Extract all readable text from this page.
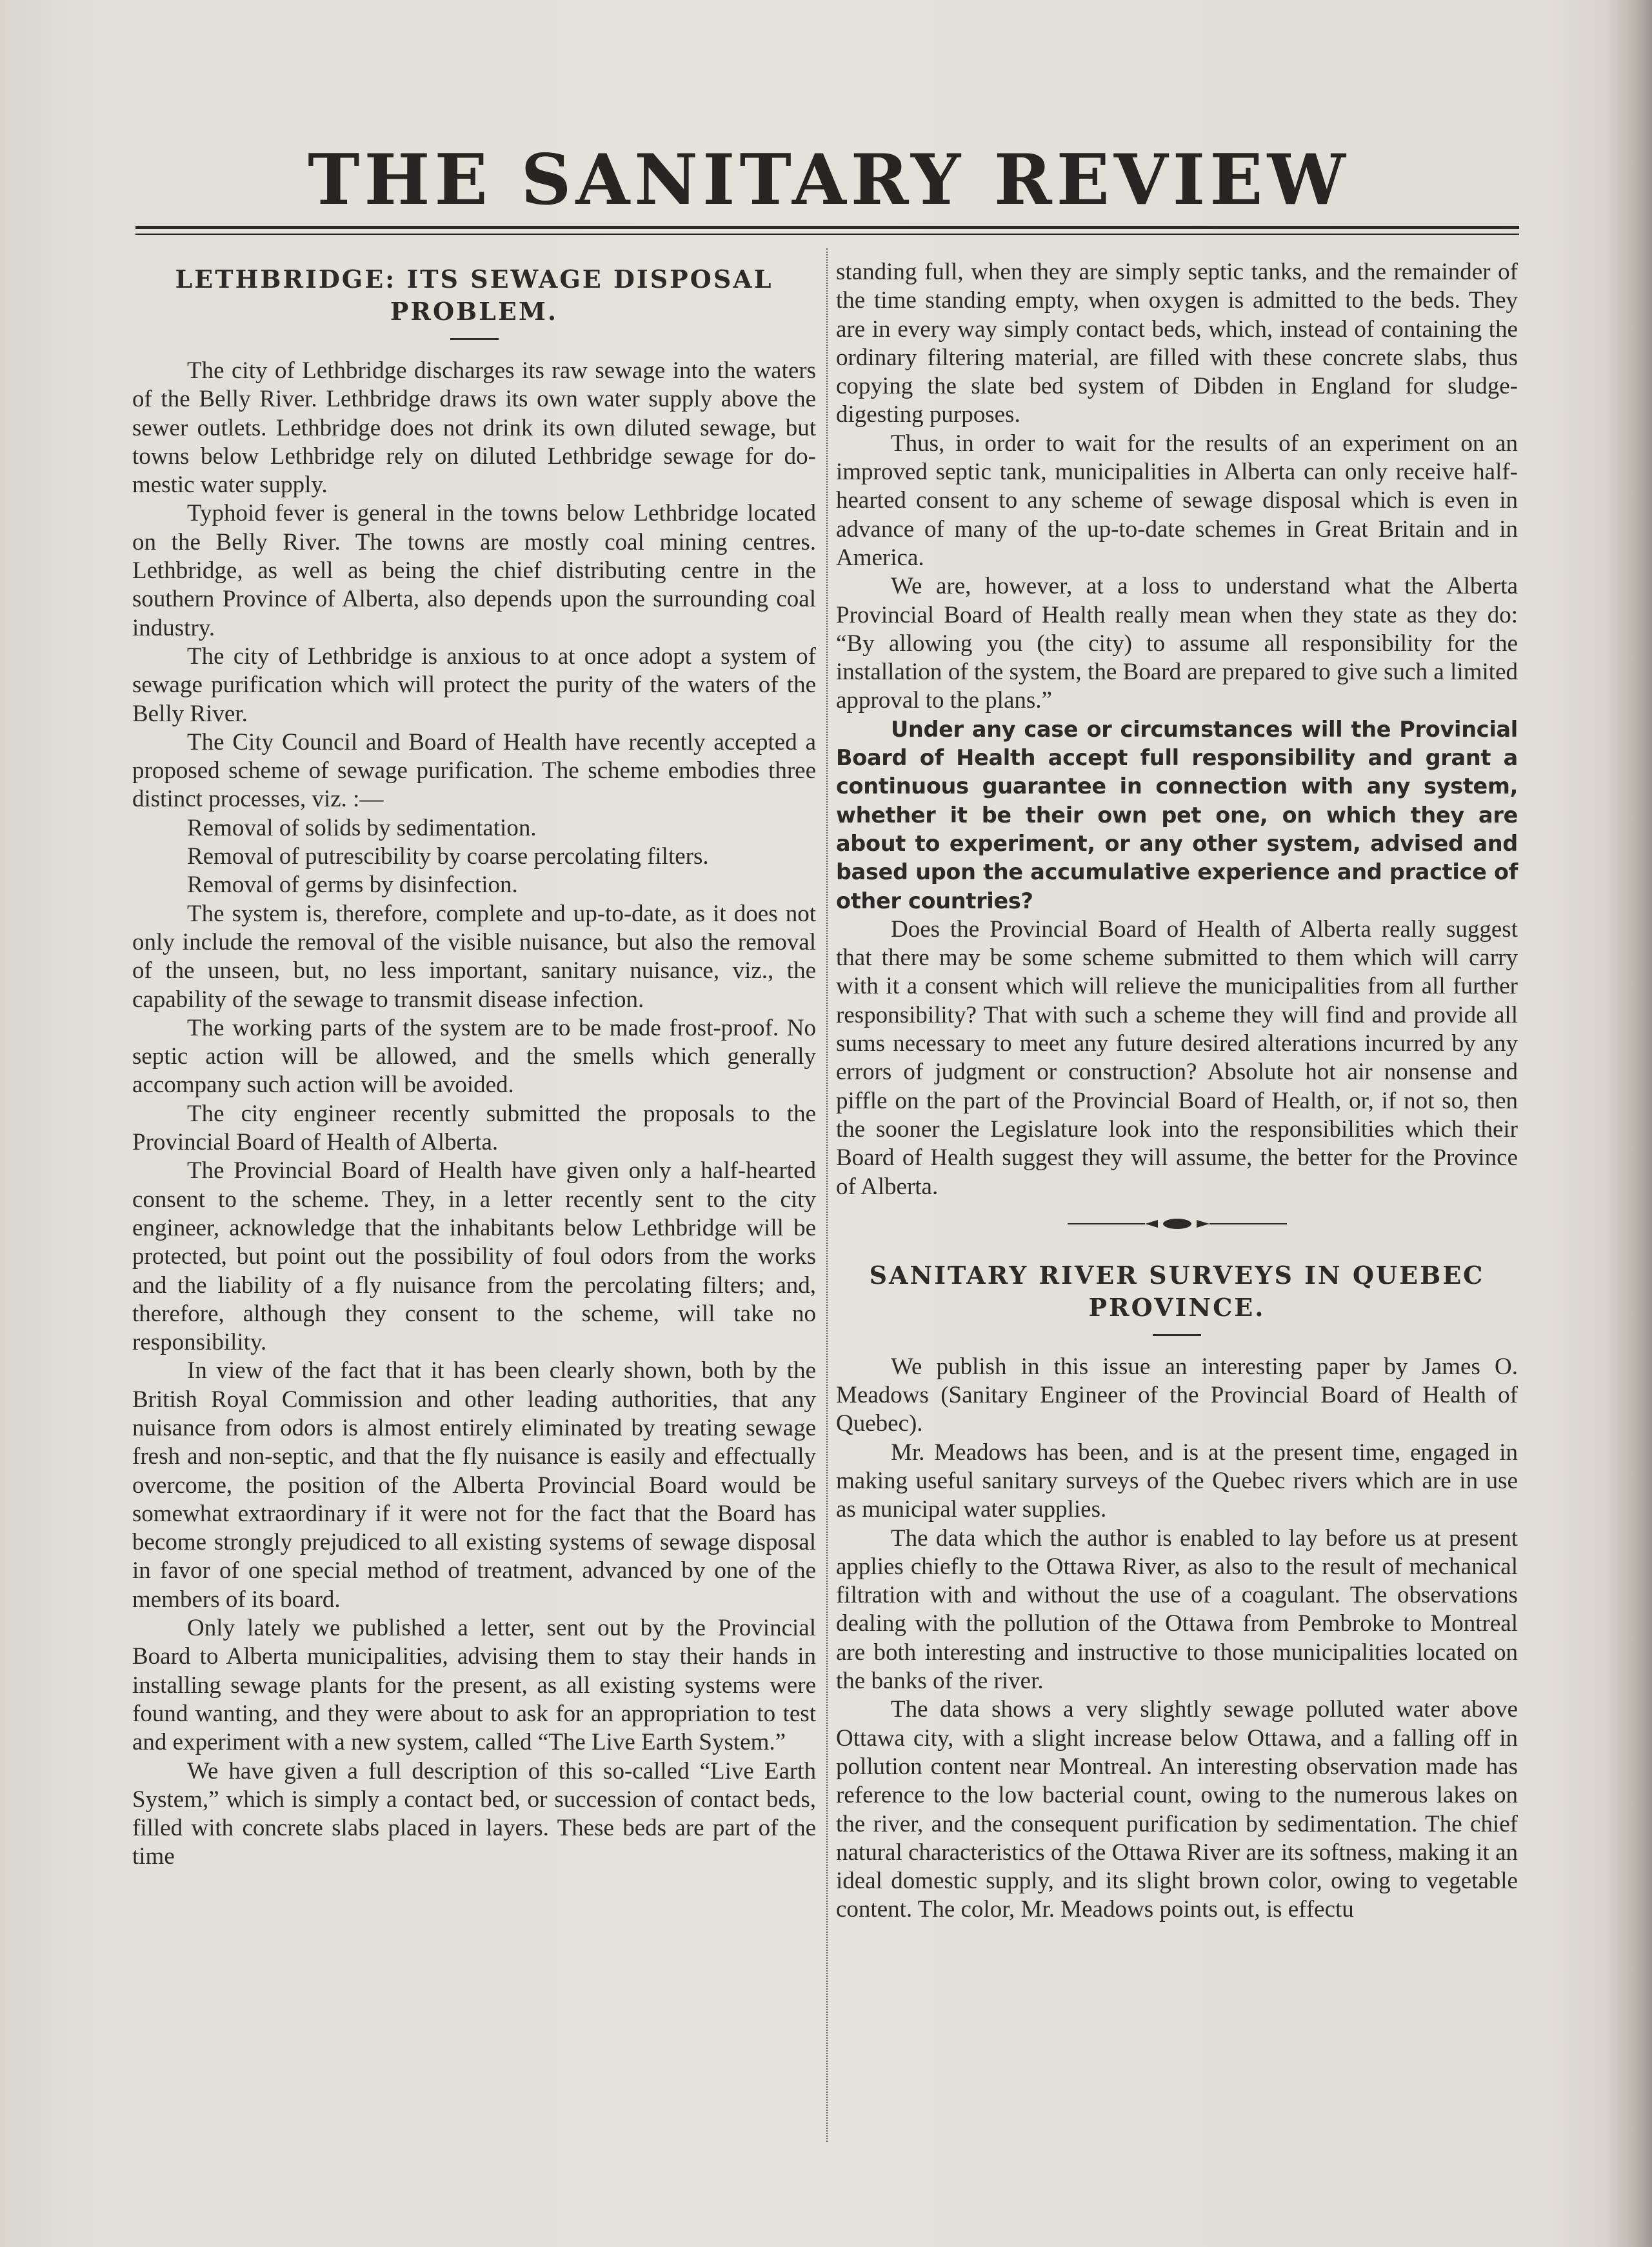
THE SANITARY REVIEW
LETHBRIDGE: ITS SEWAGE DISPOSAL PROBLEM.

The city of Lethbridge discharges its raw sewage into the waters of the Belly River. Lethbridge draws its own water supply above the sewer outlets. Lethbridge does not drink its own diluted sewage, but towns below Lethbridge rely on diluted Lethbridge sewage for domestic water supply.

Typhoid fever is general in the towns below Lethbridge located on the Belly River. The towns are mostly coal mining centres. Lethbridge, as well as being the chief distributing centre in the southern Province of Alberta, also depends upon the surrounding coal industry.

The city of Lethbridge is anxious to at once adopt a system of sewage purification which will protect the purity of the waters of the Belly River.

The City Council and Board of Health have recently accepted a proposed scheme of sewage purification. The scheme embodies three distinct processes, viz. :—

Removal of solids by sedimentation.

Removal of putrescibility by coarse percolating filters.

Removal of germs by disinfection.

The system is, therefore, complete and up-to-date, as it does not only include the removal of the visible nuisance, but also the removal of the unseen, but, no less important, sanitary nuisance, viz., the capability of the sewage to transmit disease infection.

The working parts of the system are to be made frost-proof. No septic action will be allowed, and the smells which generally accompany such action will be avoided.

The city engineer recently submitted the proposals to the Provincial Board of Health of Alberta.

The Provincial Board of Health have given only a half-hearted consent to the scheme. They, in a letter recently sent to the city engineer, acknowledge that the inhabitants below Lethbridge will be protected, but point out the possibility of foul odors from the works and the liability of a fly nuisance from the percolating filters; and, therefore, although they consent to the scheme, will take no responsibility.

In view of the fact that it has been clearly shown, both by the British Royal Commission and other leading authorities, that any nuisance from odors is almost entirely eliminated by treating sewage fresh and non-septic, and that the fly nuisance is easily and effectually overcome, the position of the Alberta Provincial Board would be somewhat extraordinary if it were not for the fact that the Board has become strongly prejudiced to all existing systems of sewage disposal in favor of one special method of treatment, advanced by one of the members of its board.

Only lately we published a letter, sent out by the Provincial Board to Alberta municipalities, advising them to stay their hands in installing sewage plants for the present, as all existing systems were found wanting, and they were about to ask for an appropriation to test and experiment with a new system, called “The Live Earth System.”

We have given a full description of this so-called “Live Earth System,” which is simply a contact bed, or succession of contact beds, filled with concrete slabs placed in layers. These beds are part of the time

standing full, when they are simply septic tanks, and the remainder of the time standing empty, when oxygen is admitted to the beds. They are in every way simply contact beds, which, instead of containing the ordinary filtering material, are filled with these concrete slabs, thus copying the slate bed system of Dibden in England for sludge-digesting purposes.

Thus, in order to wait for the results of an experiment on an improved septic tank, municipalities in Alberta can only receive half-hearted consent to any scheme of sewage disposal which is even in advance of many of the up-to-date schemes in Great Britain and in America.

We are, however, at a loss to understand what the Alberta Provincial Board of Health really mean when they state as they do: “By allowing you (the city) to assume all responsibility for the installation of the system, the Board are prepared to give such a limited approval to the plans.”

Under any case or circumstances will the Provincial Board of Health accept full responsibility and grant a continuous guarantee in connection with any system, whether it be their own pet one, on which they are about to experiment, or any other system, advised and based upon the accumulative experience and practice of other countries?

Does the Provincial Board of Health of Alberta really suggest that there may be some scheme submitted to them which will carry with it a consent which will relieve the municipalities from all further responsibility? That with such a scheme they will find and provide all sums necessary to meet any future desired alterations incurred by any errors of judgment or construction? Absolute hot air nonsense and piffle on the part of the Provincial Board of Health, or, if not so, then the sooner the Legislature look into the responsibilities which their Board of Health suggest they will assume, the better for the Province of Alberta.

SANITARY RIVER SURVEYS IN QUEBEC PROVINCE.

We publish in this issue an interesting paper by James O. Meadows (Sanitary Engineer of the Provincial Board of Health of Quebec).

Mr. Meadows has been, and is at the present time, engaged in making useful sanitary surveys of the Quebec rivers which are in use as municipal water supplies.

The data which the author is enabled to lay before us at present applies chiefly to the Ottawa River, as also to the result of mechanical filtration with and without the use of a coagulant. The observations dealing with the pollution of the Ottawa from Pembroke to Montreal are both interesting and instructive to those municipalities located on the banks of the river.

The data shows a very slightly sewage polluted water above Ottawa city, with a slight increase below Ottawa, and a falling off in pollution content near Montreal. An interesting observation made has reference to the low bacterial count, owing to the numerous lakes on the river, and the consequent purification by sedimentation. The chief natural characteristics of the Ottawa River are its softness, making it an ideal domestic supply, and its slight brown color, owing to vegetable content. The color, Mr. Meadows points out, is effectu
